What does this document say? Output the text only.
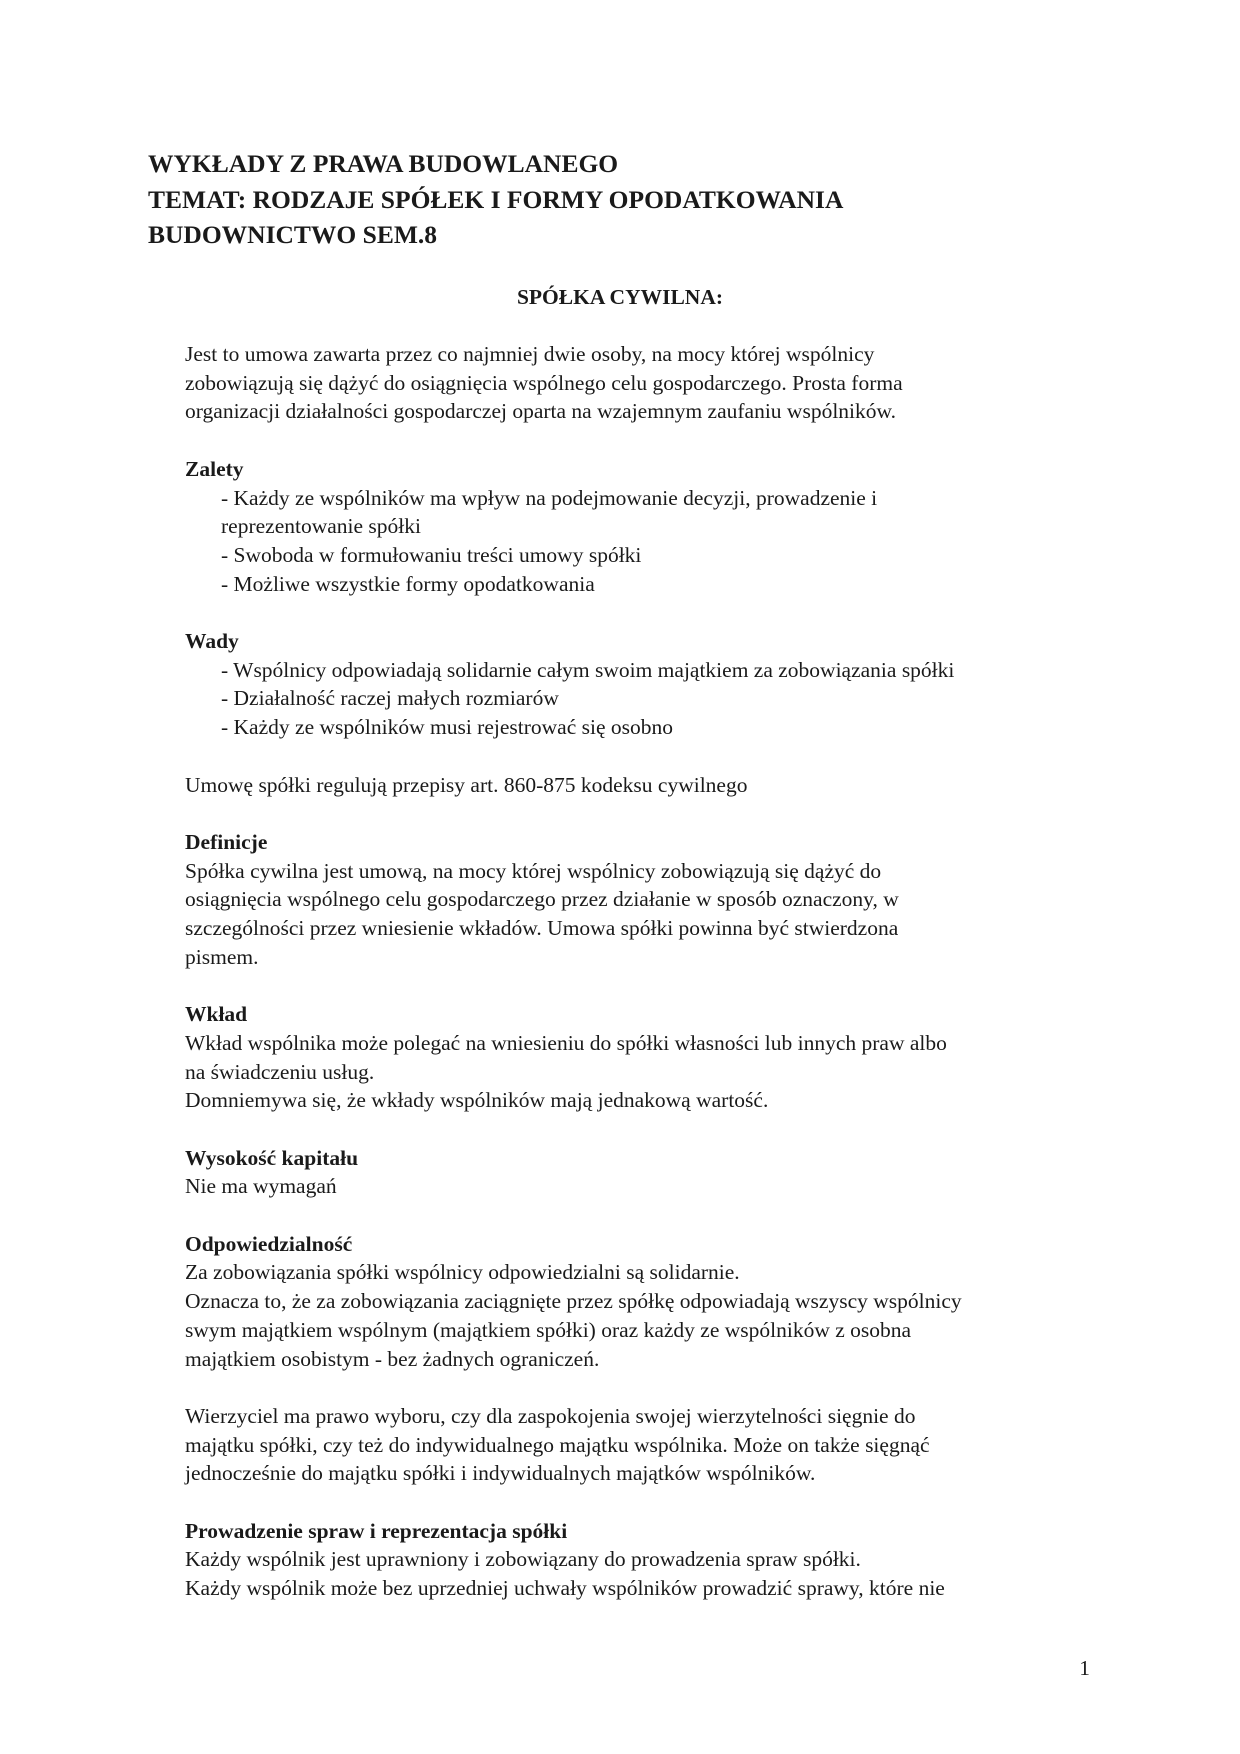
WYKŁADY Z PRAWA BUDOWLANEGO
TEMAT: RODZAJE SPÓŁEK I FORMY OPODATKOWANIA
BUDOWNICTWO SEM.8
SPÓŁKA CYWILNA:

Jest to umowa zawarta przez co najmniej dwie osoby, na mocy której wspólnicy
zobowiązują się dążyć do osiągnięcia wspólnego celu gospodarczego. Prosta forma
organizacji działalności gospodarczej oparta na wzajemnym zaufaniu wspólników.

Zalety
- Każdy ze wspólników ma wpływ na podejmowanie decyzji, prowadzenie i
reprezentowanie spółki
- Swoboda w formułowaniu treści umowy spółki
- Możliwe wszystkie formy opodatkowania
Wady
- Wspólnicy odpowiadają solidarnie całym swoim majątkiem za zobowiązania spółki
- Działalność raczej małych rozmiarów
- Każdy ze wspólników musi rejestrować się osobno
Umowę spółki regulują przepisy art. 860-875 kodeksu cywilnego
Definicje

Spółka cywilna jest umową, na mocy której wspólnicy zobowiązują się dążyć do
osiągnięcia wspólnego celu gospodarczego przez działanie w sposób oznaczony, w
szczególności przez wniesienie wkładów. Umowa spółki powinna być stwierdzona
pismem.

Wkład

Wkład wspólnika może polegać na wniesieniu do spółki własności lub innych praw albo
na świadczeniu usług.
Domniemywa się, że wkłady wspólników mają jednakową wartość.

Wysokość kapitału
Nie ma wymagań
Odpowiedzialność

Za zobowiązania spółki wspólnicy odpowiedzialni są solidarnie.
Oznacza to, że za zobowiązania zaciągnięte przez spółkę odpowiadają wszyscy wspólnicy
swym majątkiem wspólnym (majątkiem spółki) oraz każdy ze wspólników z osobna
majątkiem osobistym - bez żadnych ograniczeń.

Wierzyciel ma prawo wyboru, czy dla zaspokojenia swojej wierzytelności sięgnie do
majątku spółki, czy też do indywidualnego majątku wspólnika. Może on także sięgnąć
jednocześnie do majątku spółki i indywidualnych majątków wspólników.

Prowadzenie spraw i reprezentacja spółki

Każdy wspólnik jest uprawniony i zobowiązany do prowadzenia spraw spółki.
Każdy wspólnik może bez uprzedniej uchwały wspólników prowadzić sprawy, które nie

1
